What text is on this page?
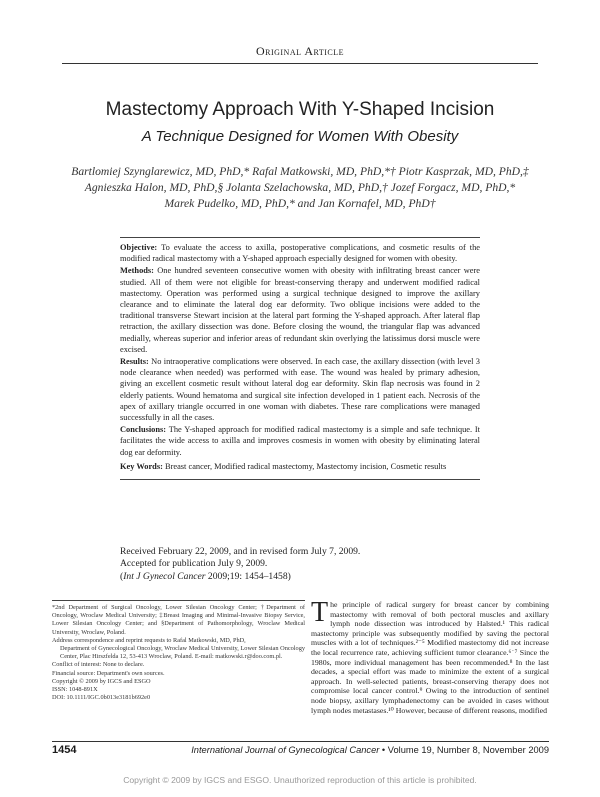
Original Article
Mastectomy Approach With Y-Shaped Incision
A Technique Designed for Women With Obesity
Bartlomiej Szynglarewicz, MD, PhD,* Rafal Matkowski, MD, PhD,*† Piotr Kasprzak, MD, PhD,‡
Agnieszka Halon, MD, PhD,§ Jolanta Szelachowska, MD, PhD,† Jozef Forgacz, MD, PhD,*
Marek Pudelko, MD, PhD,* and Jan Kornafel, MD, PhD†

Objective: To evaluate the access to axilla, postoperative complications, and cosmetic results of the modified radical mastectomy with a Y-shaped approach especially designed for women with obesity.

Methods: One hundred seventeen consecutive women with obesity with infiltrating breast cancer were studied. All of them were not eligible for breast-conserving therapy and underwent modified radical mastectomy. Operation was performed using a surgical technique designed to improve the axillary clearance and to eliminate the lateral dog ear deformity. Two oblique incisions were added to the traditional transverse Stewart incision at the lateral part forming the Y-shaped approach. After lateral flap retraction, the axillary dissection was done. Before closing the wound, the triangular flap was advanced medially, whereas superior and inferior areas of redundant skin overlying the latissimus dorsi muscle were excised.

Results: No intraoperative complications were observed. In each case, the axillary dissection (with level 3 node clearance when needed) was performed with ease. The wound was healed by primary adhesion, giving an excellent cosmetic result without lateral dog ear deformity. Skin flap necrosis was found in 2 elderly patients. Wound hematoma and surgical site infection developed in 1 patient each. Necrosis of the apex of axillary triangle occurred in one woman with diabetes. These rare complications were managed successfully in all the cases.

Conclusions: The Y-shaped approach for modified radical mastectomy is a simple and safe technique. It facilitates the wide access to axilla and improves cosmesis in women with obesity by eliminating lateral dog ear deformity.

Key Words: Breast cancer, Modified radical mastectomy, Mastectomy incision, Cosmetic results

Received February 22, 2009, and in revised form July 7, 2009.
Accepted for publication July 9, 2009.
(Int J Gynecol Cancer 2009;19: 1454–1458)
*2nd Department of Surgical Oncology, Lower Silesian Oncology Center; †Department of Oncology, Wroclaw Medical University; ‡Breast Imaging and Minimal-Invasive Biopsy Service, Lower Silesian Oncology Center; and §Department of Pathomorphology, Wroclaw Medical University, Wroclaw, Poland.
Address correspondence and reprint requests to Rafal Matkowski, MD, PhD,
Department of Gynecological Oncology, Wroclaw Medical University, Lower Silesian Oncology Center, Plac Hirszfelda 12, 53-413 Wroclaw, Poland. E-mail: matkowski.r@doo.com.pl.
Conflict of interest: None to declare.
Financial source: Department's own sources.
Copyright © 2009 by IGCS and ESGO
ISSN: 1048-891X
DOI: 10.1111/IGC.0b013e3181b692e0
The principle of radical surgery for breast cancer by combining mastectomy with removal of both pectoral muscles and axillary lymph node dissection was introduced by Halsted.¹ This radical mastectomy principle was subsequently modified by saving the pectoral muscles with a lot of techniques.²⁻⁵ Modified mastectomy did not increase the local recurrence rate, achieving sufficient tumor clearance.⁶˙⁷ Since the 1980s, more individual management has been recommended.⁸ In the last decades, a special effort was made to minimize the extent of a surgical approach. In well-selected patients, breast-conserving therapy does not compromise local cancer control.⁹ Owing to the introduction of sentinel node biopsy, axillary lymphadenectomy can be avoided in cases without lymph nodes metastases.¹⁰ However, because of different reasons, modified
1454	International Journal of Gynecological Cancer • Volume 19, Number 8, November 2009
Copyright © 2009 by IGCS and ESGO. Unauthorized reproduction of this article is prohibited.
